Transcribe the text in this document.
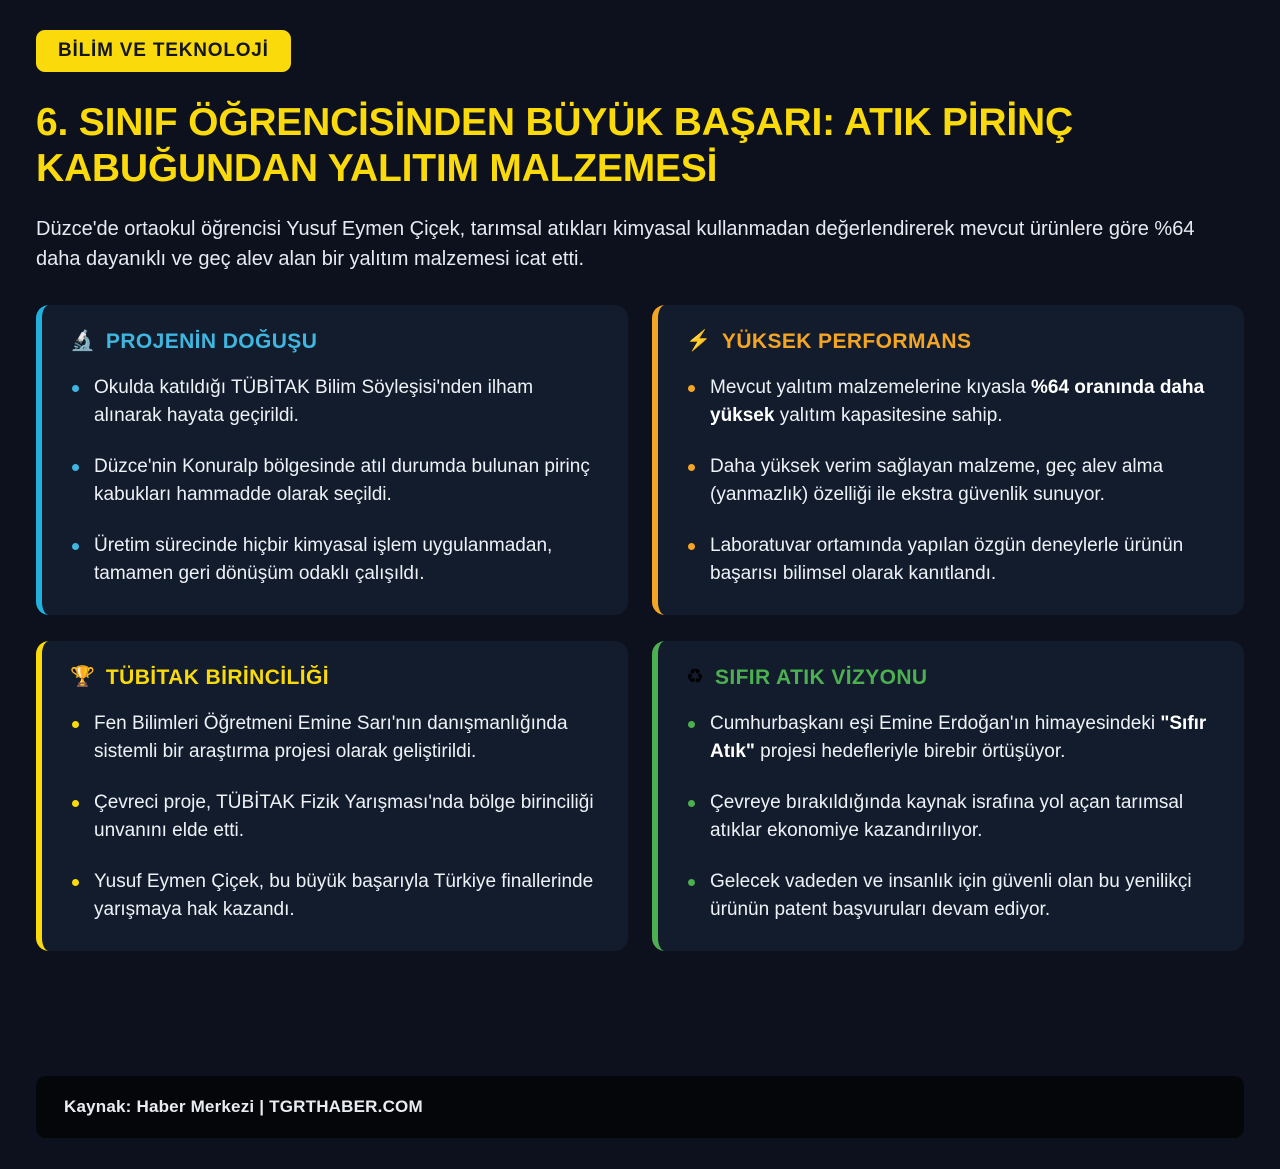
BİLİM VE TEKNOLOJİ
6. SINIF ÖĞRENCİSİNDEN BÜYÜK BAŞARI: ATIK PİRİNÇ KABUĞUNDAN YALITIM MALZEMESİ

Düzce'de ortaokul öğrencisi Yusuf Eymen Çiçek, tarımsal atıkları kimyasal kullanmadan değerlendirerek mevcut ürünlere göre %64 daha dayanıklı ve geç alev alan bir yalıtım malzemesi icat etti.

🔬 PROJENİN DOĞUŞU
Okulda katıldığı TÜBİTAK Bilim Söyleşisi'nden ilham alınarak hayata geçirildi.
Düzce'nin Konuralp bölgesinde atıl durumda bulunan pirinç kabukları hammadde olarak seçildi.
Üretim sürecinde hiçbir kimyasal işlem uygulanmadan, tamamen geri dönüşüm odaklı çalışıldı.
⚡ YÜKSEK PERFORMANS
Mevcut yalıtım malzemelerine kıyasla %64 oranında daha yüksek yalıtım kapasitesine sahip.
Daha yüksek verim sağlayan malzeme, geç alev alma (yanmazlık) özelliği ile ekstra güvenlik sunuyor.
Laboratuvar ortamında yapılan özgün deneylerle ürünün başarısı bilimsel olarak kanıtlandı.
🏆 TÜBİTAK BİRİNCİLİĞİ
Fen Bilimleri Öğretmeni Emine Sarı'nın danışmanlığında sistemli bir araştırma projesi olarak geliştirildi.
Çevreci proje, TÜBİTAK Fizik Yarışması'nda bölge birinciliği unvanını elde etti.
Yusuf Eymen Çiçek, bu büyük başarıyla Türkiye finallerinde yarışmaya hak kazandı.
♻ SIFIR ATIK VİZYONU
Cumhurbaşkanı eşi Emine Erdoğan'ın himayesindeki "Sıfır Atık" projesi hedefleriyle birebir örtüşüyor.
Çevreye bırakıldığında kaynak israfına yol açan tarımsal atıklar ekonomiye kazandırılıyor.
Gelecek vadeden ve insanlık için güvenli olan bu yenilikçi ürünün patent başvuruları devam ediyor.
Kaynak: Haber Merkezi | TGRTHABER.COM
